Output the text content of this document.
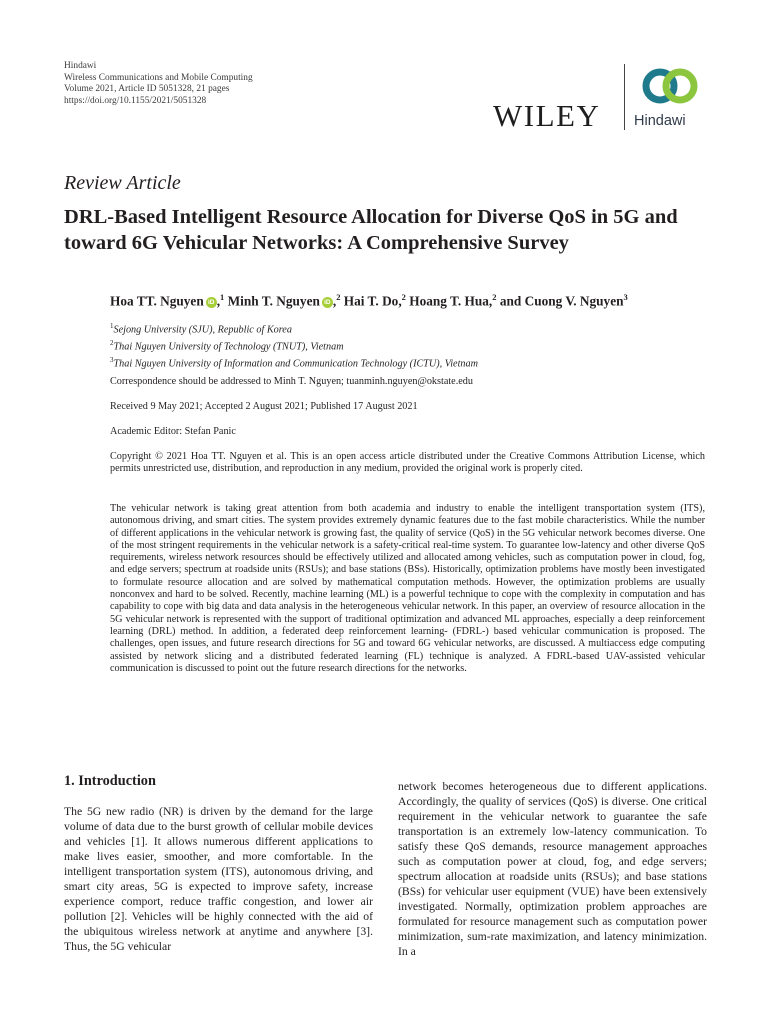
Hindawi
Wireless Communications and Mobile Computing
Volume 2021, Article ID 5051328, 21 pages
https://doi.org/10.1155/2021/5051328	WILEY Hindawi
Review Article
DRL-Based Intelligent Resource Allocation for Diverse QoS in 5G and toward 6G Vehicular Networks: A Comprehensive Survey
Hoa TT. Nguyen iD ,$^1$ Minh T. Nguyen iD ,$^2$ Hai T. Do,$^2$ Hoang T. Hua,$^2$ and Cuong V. Nguyen$^3$
$^1$Sejong University (SJU), Republic of Korea
$^2$Thai Nguyen University of Technology (TNUT), Vietnam
$^3$Thai Nguyen University of Information and Communication Technology (ICTU), Vietnam
Correspondence should be addressed to Minh T. Nguyen; tuanminh.nguyen@okstate.edu
Received 9 May 2021; Accepted 2 August 2021; Published 17 August 2021
Academic Editor: Stefan Panic
Copyright © 2021 Hoa TT. Nguyen et al. This is an open access article distributed under the Creative Commons Attribution License, which permits unrestricted use, distribution, and reproduction in any medium, provided the original work is properly cited.
The vehicular network is taking great attention from both academia and industry to enable the intelligent transportation system (ITS), autonomous driving, and smart cities. The system provides extremely dynamic features due to the fast mobile characteristics. While the number of different applications in the vehicular network is growing fast, the quality of service (QoS) in the 5G vehicular network becomes diverse. One of the most stringent requirements in the vehicular network is a safety-critical real-time system. To guarantee low-latency and other diverse QoS requirements, wireless network resources should be effectively utilized and allocated among vehicles, such as computation power in cloud, fog, and edge servers; spectrum at roadside units (RSUs); and base stations (BSs). Historically, optimization problems have mostly been investigated to formulate resource allocation and are solved by mathematical computation methods. However, the optimization problems are usually nonconvex and hard to be solved. Recently, machine learning (ML) is a powerful technique to cope with the complexity in computation and has capability to cope with big data and data analysis in the heterogeneous vehicular network. In this paper, an overview of resource allocation in the 5G vehicular network is represented with the support of traditional optimization and advanced ML approaches, especially a deep reinforcement learning (DRL) method. In addition, a federated deep reinforcement learning- (FDRL-) based vehicular communication is proposed. The challenges, open issues, and future research directions for 5G and toward 6G vehicular networks, are discussed. A multiaccess edge computing assisted by network slicing and a distributed federated learning (FL) technique is analyzed. A FDRL-based UAV-assisted vehicular communication is discussed to point out the future research directions for the networks.
1. Introduction
The 5G new radio (NR) is driven by the demand for the large volume of data due to the burst growth of cellular mobile devices and vehicles [1]. It allows numerous different applications to make lives easier, smoother, and more comfortable. In the intelligent transportation system (ITS), autonomous driving, and smart city areas, 5G is expected to improve safety, increase experience comport, reduce traffic congestion, and lower air pollution [2]. Vehicles will be highly connected with the aid of the ubiquitous wireless network at anytime and anywhere [3]. Thus, the 5G vehicular
network becomes heterogeneous due to different applications. Accordingly, the quality of services (QoS) is diverse. One critical requirement in the vehicular network to guarantee the safe transportation is an extremely low-latency communication. To satisfy these QoS demands, resource management approaches such as computation power at cloud, fog, and edge servers; spectrum allocation at roadside units (RSUs); and base stations (BSs) for vehicular user equipment (VUE) have been extensively investigated. Normally, optimization problem approaches are formulated for resource management such as computation power minimization, sum-rate maximization, and latency minimization. In a
